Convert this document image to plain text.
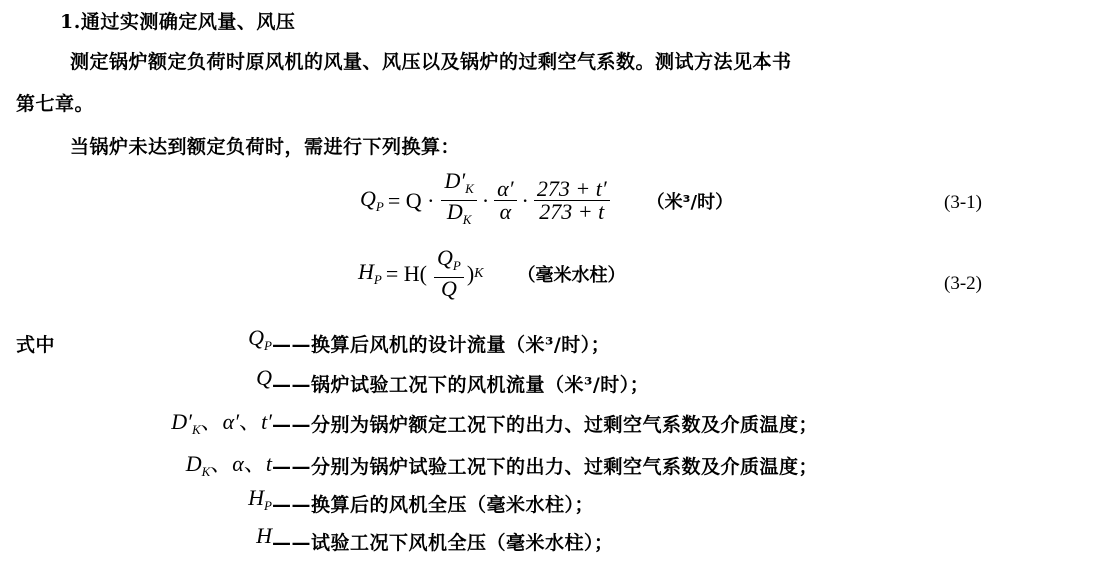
1.通过实测确定风量、风压
测定锅炉额定负荷时原风机的风量、风压以及锅炉的过剩空气系数。测试方法见本书
第七章。
当锅炉未达到额定负荷时，需进行下列换算：
$Q_P = Q \cdot \frac{D'_K}{D_K} \cdot \frac{\alpha'}{\alpha} \cdot \frac{273 + t'}{273 + t}$ （米³/时）	(3-1)
$H_P = H( \frac{Q_P}{Q}$ ) K （毫米水柱）	(3-2)
式中	$Q_P$ ——换算后风机的设计流量（米³/时）；
Q ——锅炉试验工况下的风机流量（米³/时）；
$D'_K$、α′、t′ ——分别为锅炉额定工况下的出力、过剩空气系数及介质温度；
$D_K$、α、t ——分别为锅炉试验工况下的出力、过剩空气系数及介质温度；
$H_P$ ——换算后的风机全压（毫米水柱）；
H ——试验工况下风机全压（毫米水柱）；
